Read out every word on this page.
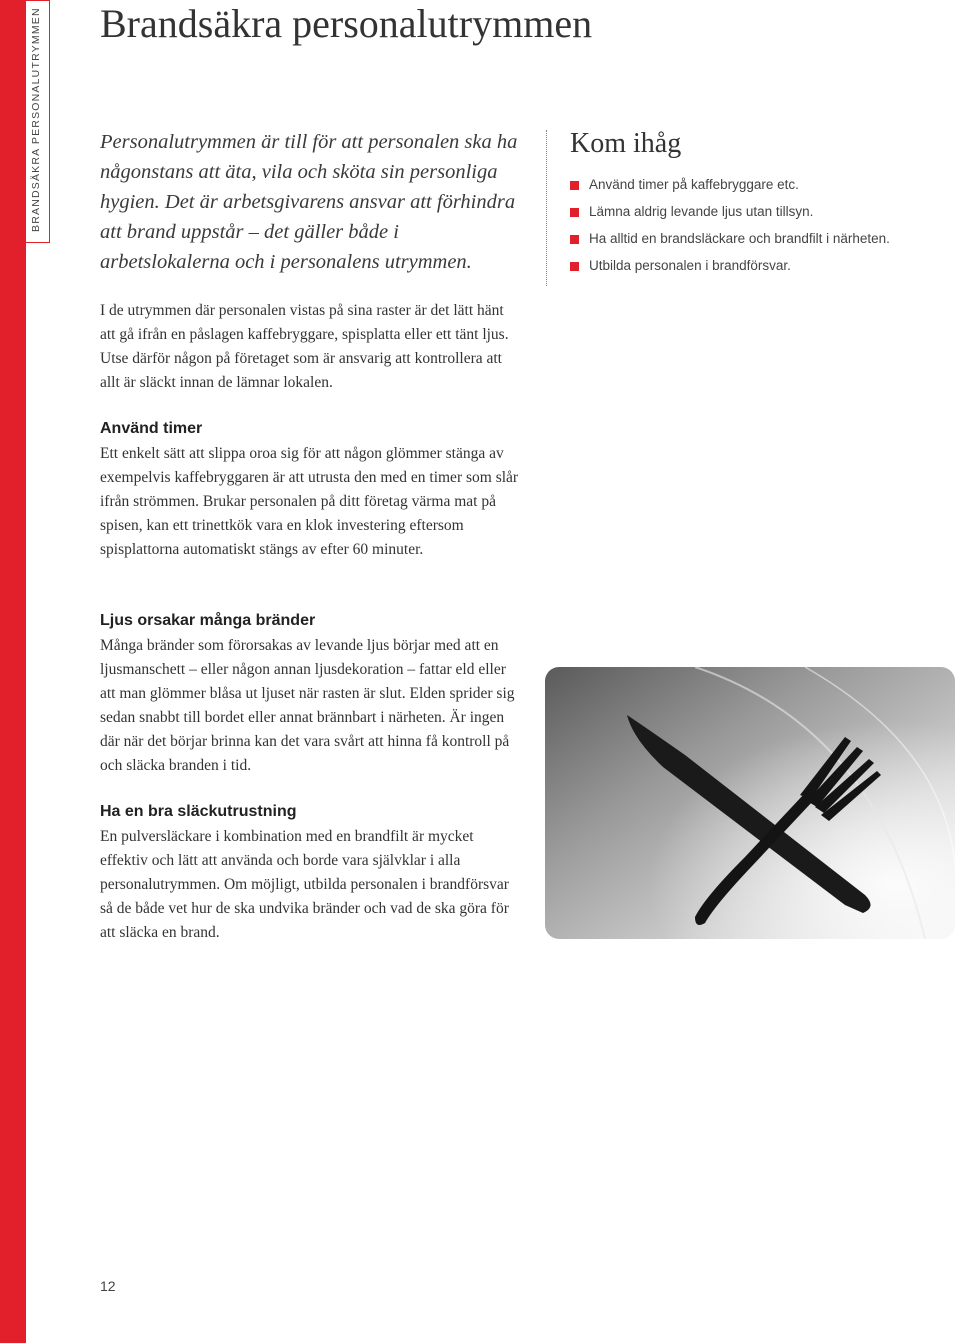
BRANDSÄKRA PERSONALUTRYMMEN Brandsäkra personalutrymmen

Personalutrymmen är till för att personalen ska ha någonstans att äta, vila och sköta sin personliga hygien. Det är arbetsgivarens ansvar att förhindra att brand uppstår – det gäller både i arbetslokalerna och i personalens utrymmen.

Kom ihåg
Använd timer på kaffebryggare etc.
Lämna aldrig levande ljus utan tillsyn.
Ha alltid en brandsläckare och brandfilt i närheten.
Utbilda personalen i brandförsvar.

I de utrymmen där personalen vistas på sina raster är det lätt hänt att gå ifrån en påslagen kaffebryggare, spisplatta eller ett tänt ljus. Utse därför någon på företaget som är ansvarig att kontrollera att allt är släckt innan de lämnar lokalen.

Använd timer

Ett enkelt sätt att slippa oroa sig för att någon glömmer stänga av exempelvis kaffebryggaren är att utrusta den med en timer som slår ifrån strömmen. Brukar personalen på ditt företag värma mat på spisen, kan ett trinettkök vara en klok investering eftersom spisplattorna automatiskt stängs av efter 60 minuter.

Ljus orsakar många bränder

Många bränder som förorsakas av levande ljus börjar med att en ljusmanschett – eller någon annan ljusdekoration – fattar eld eller att man glömmer blåsa ut ljuset när rasten är slut. Elden sprider sig sedan snabbt till bordet eller annat brännbart i närheten. Är ingen där när det börjar brinna kan det vara svårt att hinna få kontroll på och släcka branden i tid.

Ha en bra släckutrustning

En pulversläckare i kombination med en brandfilt är mycket effektiv och lätt att använda och borde vara självklar i alla personalutrymmen. Om möjligt, utbilda personalen i brandförsvar så de både vet hur de ska undvika bränder och vad de ska göra för att släcka en brand.

12
